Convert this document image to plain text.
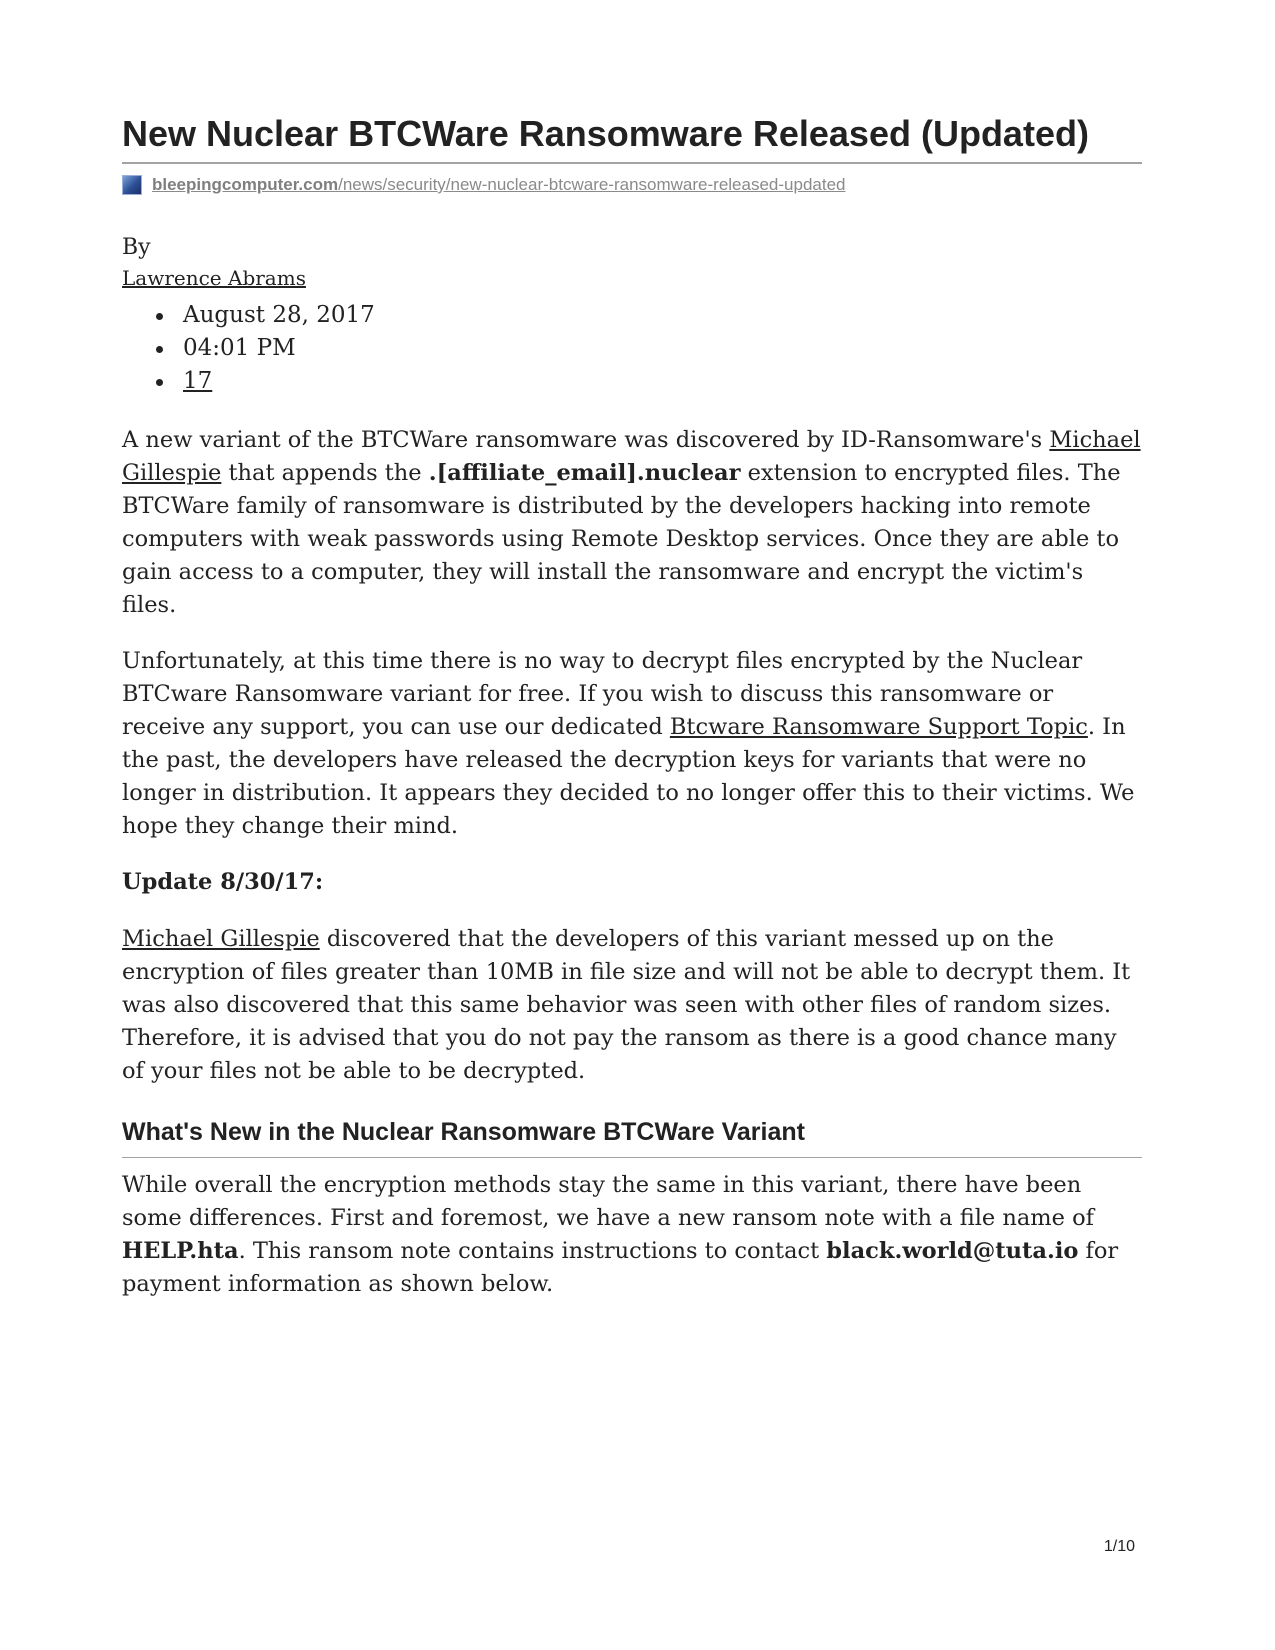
New Nuclear BTCWare Ransomware Released (Updated)
bleepingcomputer.com/news/security/new-nuclear-btcware-ransomware-released-updated
By
Lawrence Abrams
August 28, 2017
04:01 PM
17

A new variant of the BTCWare ransomware was discovered by ID-Ransomware's Michael Gillespie that appends the .[affiliate_email].nuclear extension to encrypted files. The BTCWare family of ransomware is distributed by the developers hacking into remote computers with weak passwords using Remote Desktop services. Once they are able to gain access to a computer, they will install the ransomware and encrypt the victim's files.

Unfortunately, at this time there is no way to decrypt files encrypted by the Nuclear BTCware Ransomware variant for free. If you wish to discuss this ransomware or receive any support, you can use our dedicated Btcware Ransomware Support Topic. In the past, the developers have released the decryption keys for variants that were no longer in distribution. It appears they decided to no longer offer this to their victims. We hope they change their mind.

Update 8/30/17:

Michael Gillespie discovered that the developers of this variant messed up on the encryption of files greater than 10MB in file size and will not be able to decrypt them. It was also discovered that this same behavior was seen with other files of random sizes. Therefore, it is advised that you do not pay the ransom as there is a good chance many of your files not be able to be decrypted.

What's New in the Nuclear Ransomware BTCWare Variant

While overall the encryption methods stay the same in this variant, there have been some differences. First and foremost, we have a new ransom note with a file name of HELP.hta. This ransom note contains instructions to contact black.world@tuta.io for payment information as shown below.

1/10
